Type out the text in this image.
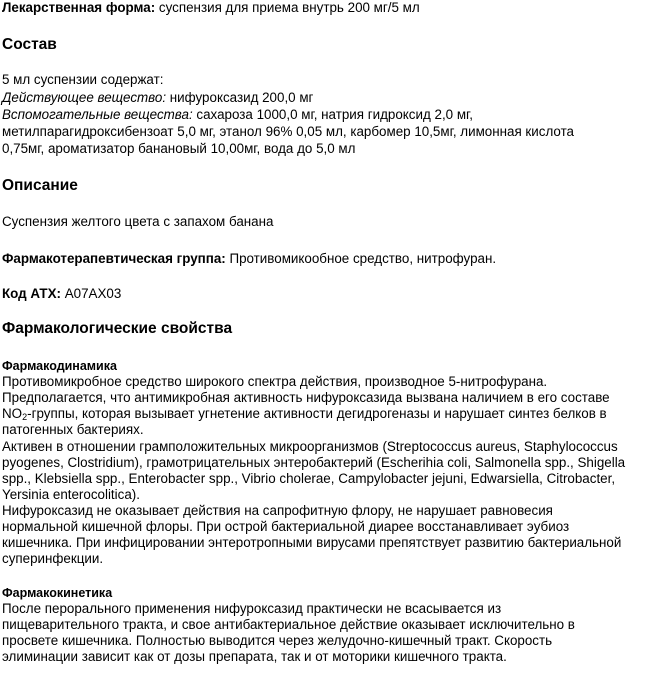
Лекарственная форма: суспензия для приема внутрь 200 мг/5 мл
Состав
5 мл суспензии содержат:
Действующее вещество: нифуроксазид 200,0 мг
Вспомогательные вещества: сахароза 1000,0 мг, натрия гидроксид 2,0 мг,
метилпарагидроксибензоат 5,0 мг, этанол 96% 0,05 мл, карбомер 10,5мг, лимонная кислота
0,75мг, ароматизатор банановый 10,00мг, вода до 5,0 мл
Описание
Суспензия желтого цвета с запахом банана
Фармакотерапевтическая группа: Противомикообное средство, нитрофуран.
Код АТХ: A07AX03
Фармакологические свойства
Фармакодинамика
Противомикробное средство широкого спектра действия, производное 5-нитрофурана.
Предполагается, что антимикробная активность нифуроксазида вызвана наличием в его составе
$NO_2$-группы, которая вызывает угнетение активности дегидрогеназы и нарушает синтез белков в
патогенных бактериях.
Активен в отношении грамположительных микроорганизмов (Streptococcus aureus, Staphylococcus
pyogenes, Clostridium), грамотрицательных энтеробактерий (Escherihia coli, Salmonella spp., Shigella
spp., Klebsiella spp., Enterobacter spp., Vibrio cholerae, Campylobacter jejuni, Edwarsiella, Citrobacter,
Yersinia enterocolitica).
Нифуроксазид не оказывает действия на сапрофитную флору, не нарушает равновесия
нормальной кишечной флоры. При острой бактериальной диарее восстанавливает эубиоз
кишечника. При инфицировании энтеротропными вирусами препятствует развитию бактериальной
суперинфекции.
Фармакокинетика
После перорального применения нифуроксазид практически не всасывается из
пищеварительного тракта, и свое антибактериальное действие оказывает исключительно в
просвете кишечника. Полностью выводится через желудочно-кишечный тракт. Скорость
элиминации зависит как от дозы препарата, так и от моторики кишечного тракта.
